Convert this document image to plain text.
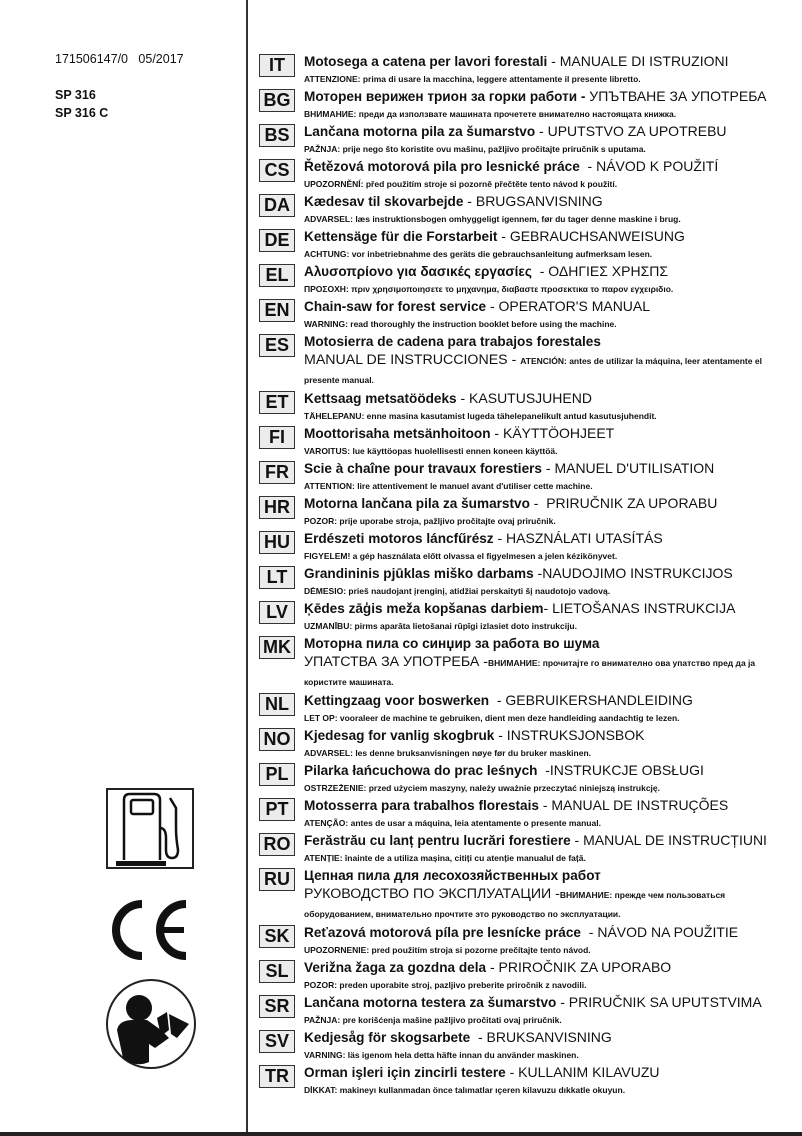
171506147/0   05/2017
SP 316
SP 316 C
IT	Motosega a catena per lavori forestali - MANUALE DI ISTRUZIONI
ATTENZIONE: prima di usare la macchina, leggere attentamente il presente libretto.
BG Моторен верижен трион за горки работи - УПЪТВАНЕ ЗА УПОТРЕБА
ВНИМАНИЕ: преди да използвате машината прочетете внимателно настоящата книжка.
BS	Lančana motorna pila za šumarstvo - UPUTSTVO ZA UPOTREBU
PAŽNJA: prije nego što koristite ovu mašinu, pažljivo pročitajte priručnik s uputama.
CS	Řetězová motorová pila pro lesnické práce  - NÁVOD K POUŽITÍ
UPOZORNĚNÍ: před použitím stroje si pozorně přečtěte tento návod k použití.
DA	Kædesav til skovarbejde - BRUGSANVISNING
ADVARSEL: læs instruktionsbogen omhyggeligt igennem, før du tager denne maskine i brug.
DE	Kettensäge für die Forstarbeit - GEBRAUCHSANWEISUNG
ACHTUNG: vor inbetriebnahme des geräts die gebrauchsanleitung aufmerksam lesen.
EL	Αλυσοπρίονο για δασικές εργασίες  - ΟΔΗΓΙΕΣ ΧΡΗΣΠΣ
ΠΡΟΣΟΧΗ: πριν χρησιμοποιησετε το μηχανημα, διαβαστε προσεκτικα το παρον εγχειριδιο.
EN	Chain-saw for forest service - OPERATOR'S MANUAL
WARNING: read thoroughly the instruction booklet before using the machine.
ES	Motosierra de cadena para trabajos forestales
MANUAL DE INSTRUCCIONES - ATENCIÓN: antes de utilizar la máquina, leer atentamente el presente manual.
ET	Kettsaag metsatöödeks - KASUTUSJUHEND
TÄHELEPANU: enne masina kasutamist lugeda tähelepanelikult antud kasutusjuhendit.
FI	Moottorisaha metsänhoitoon - KÄYTTÖOHJEET
VAROITUS: lue käyttöopas huolellisesti ennen koneen käyttöä.
FR	Scie à chaîne pour travaux forestiers - MANUEL D'UTILISATION
ATTENTION: lire attentivement le manuel avant d'utiliser cette machine.
HR	Motorna lančana pila za šumarstvo -  PRIRUČNIK ZA UPORABU
POZOR: prije uporabe stroja, pažljivo pročitajte ovaj priručnik.
HU	Erdészeti motoros láncfűrész - HASZNÁLATI UTASÍTÁS
FIGYELEM! a gép használata előtt olvassa el figyelmesen a jelen kézikönyvet.
LT	Grandininis pjūklas miško darbams -NAUDOJIMO INSTRUKCIJOS
DĖMESIO: prieš naudojant įrenginį, atidžiai perskaityti šį naudotojo vadovą.
LV	Ķēdes zāģis meža kopšanas darbiem- LIETOŠANAS INSTRUKCIJA
UZMANĪBU: pirms aparāta lietošanai rūpīgi izlasiet doto instrukciju.
MK Моторна пила со синџир за работа во шума
УПАТСТВА ЗА УПОТРЕБА -ВНИМАНИЕ: прочитајте го внимателно ова упатство пред да ја користите машината.
NL	Kettingzaag voor boswerken  - GEBRUIKERSHANDLEIDING
LET OP: vooraleer de machine te gebruiken, dient men deze handleiding aandachtig te lezen.
NO Kjedesag for vanlig skogbruk - INSTRUKSJONSBOK
ADVARSEL: les denne bruksanvisningen nøye før du bruker maskinen.
PL	Pilarka łańcuchowa do prac leśnych  -INSTRUKCJE OBSŁUGI
OSTRZEŻENIE: przed użyciem maszyny, należy uważnie przeczytać niniejszą instrukcję.
PT	Motosserra para trabalhos florestais - MANUAL DE INSTRUÇÕES
ATENÇÃO: antes de usar a máquina, leia atentamente o presente manual.
RO Ferăstrău cu lanț pentru lucrări forestiere - MANUAL DE INSTRUCȚIUNI
ATENȚIE: înainte de a utiliza mașina, citiți cu atenție manualul de față.
RU	Цепная пила для лесохозяйственных работ
РУКОВОДСТВО ПО ЭКСПЛУАТАЦИИ -ВНИМАНИЕ: прежде чем пользоваться оборудованием, внимательно прочтите это руководство по эксплуатации.
SK	Reťazová motorová píla pre lesnícke práce  - NÁVOD NA POUŽITIE
UPOZORNENIE: pred použitím stroja si pozorne prečítajte tento návod.
SL	Verižna žaga za gozdna dela - PRIROČNIK ZA UPORABO
POZOR: preden uporabite stroj, pazljivo preberite priročnik z navodili.
SR	Lančana motorna testera za šumarstvo - PRIRUČNIK SA UPUTSTVIMA
PAŽNJA: pre korišćenja mašine pažljivo pročitati ovaj priručnik.
SV	Kedjesåg för skogsarbete  - BRUKSANVISNING
VARNING: läs igenom hela detta häfte innan du använder maskinen.
TR	Orman işleri için zincirli testere - KULLANIM KILAVUZU
DİKKAT: makineyı kullanmadan önce talımatlar ıçeren kilavuzu dıkkatle okuyun.
